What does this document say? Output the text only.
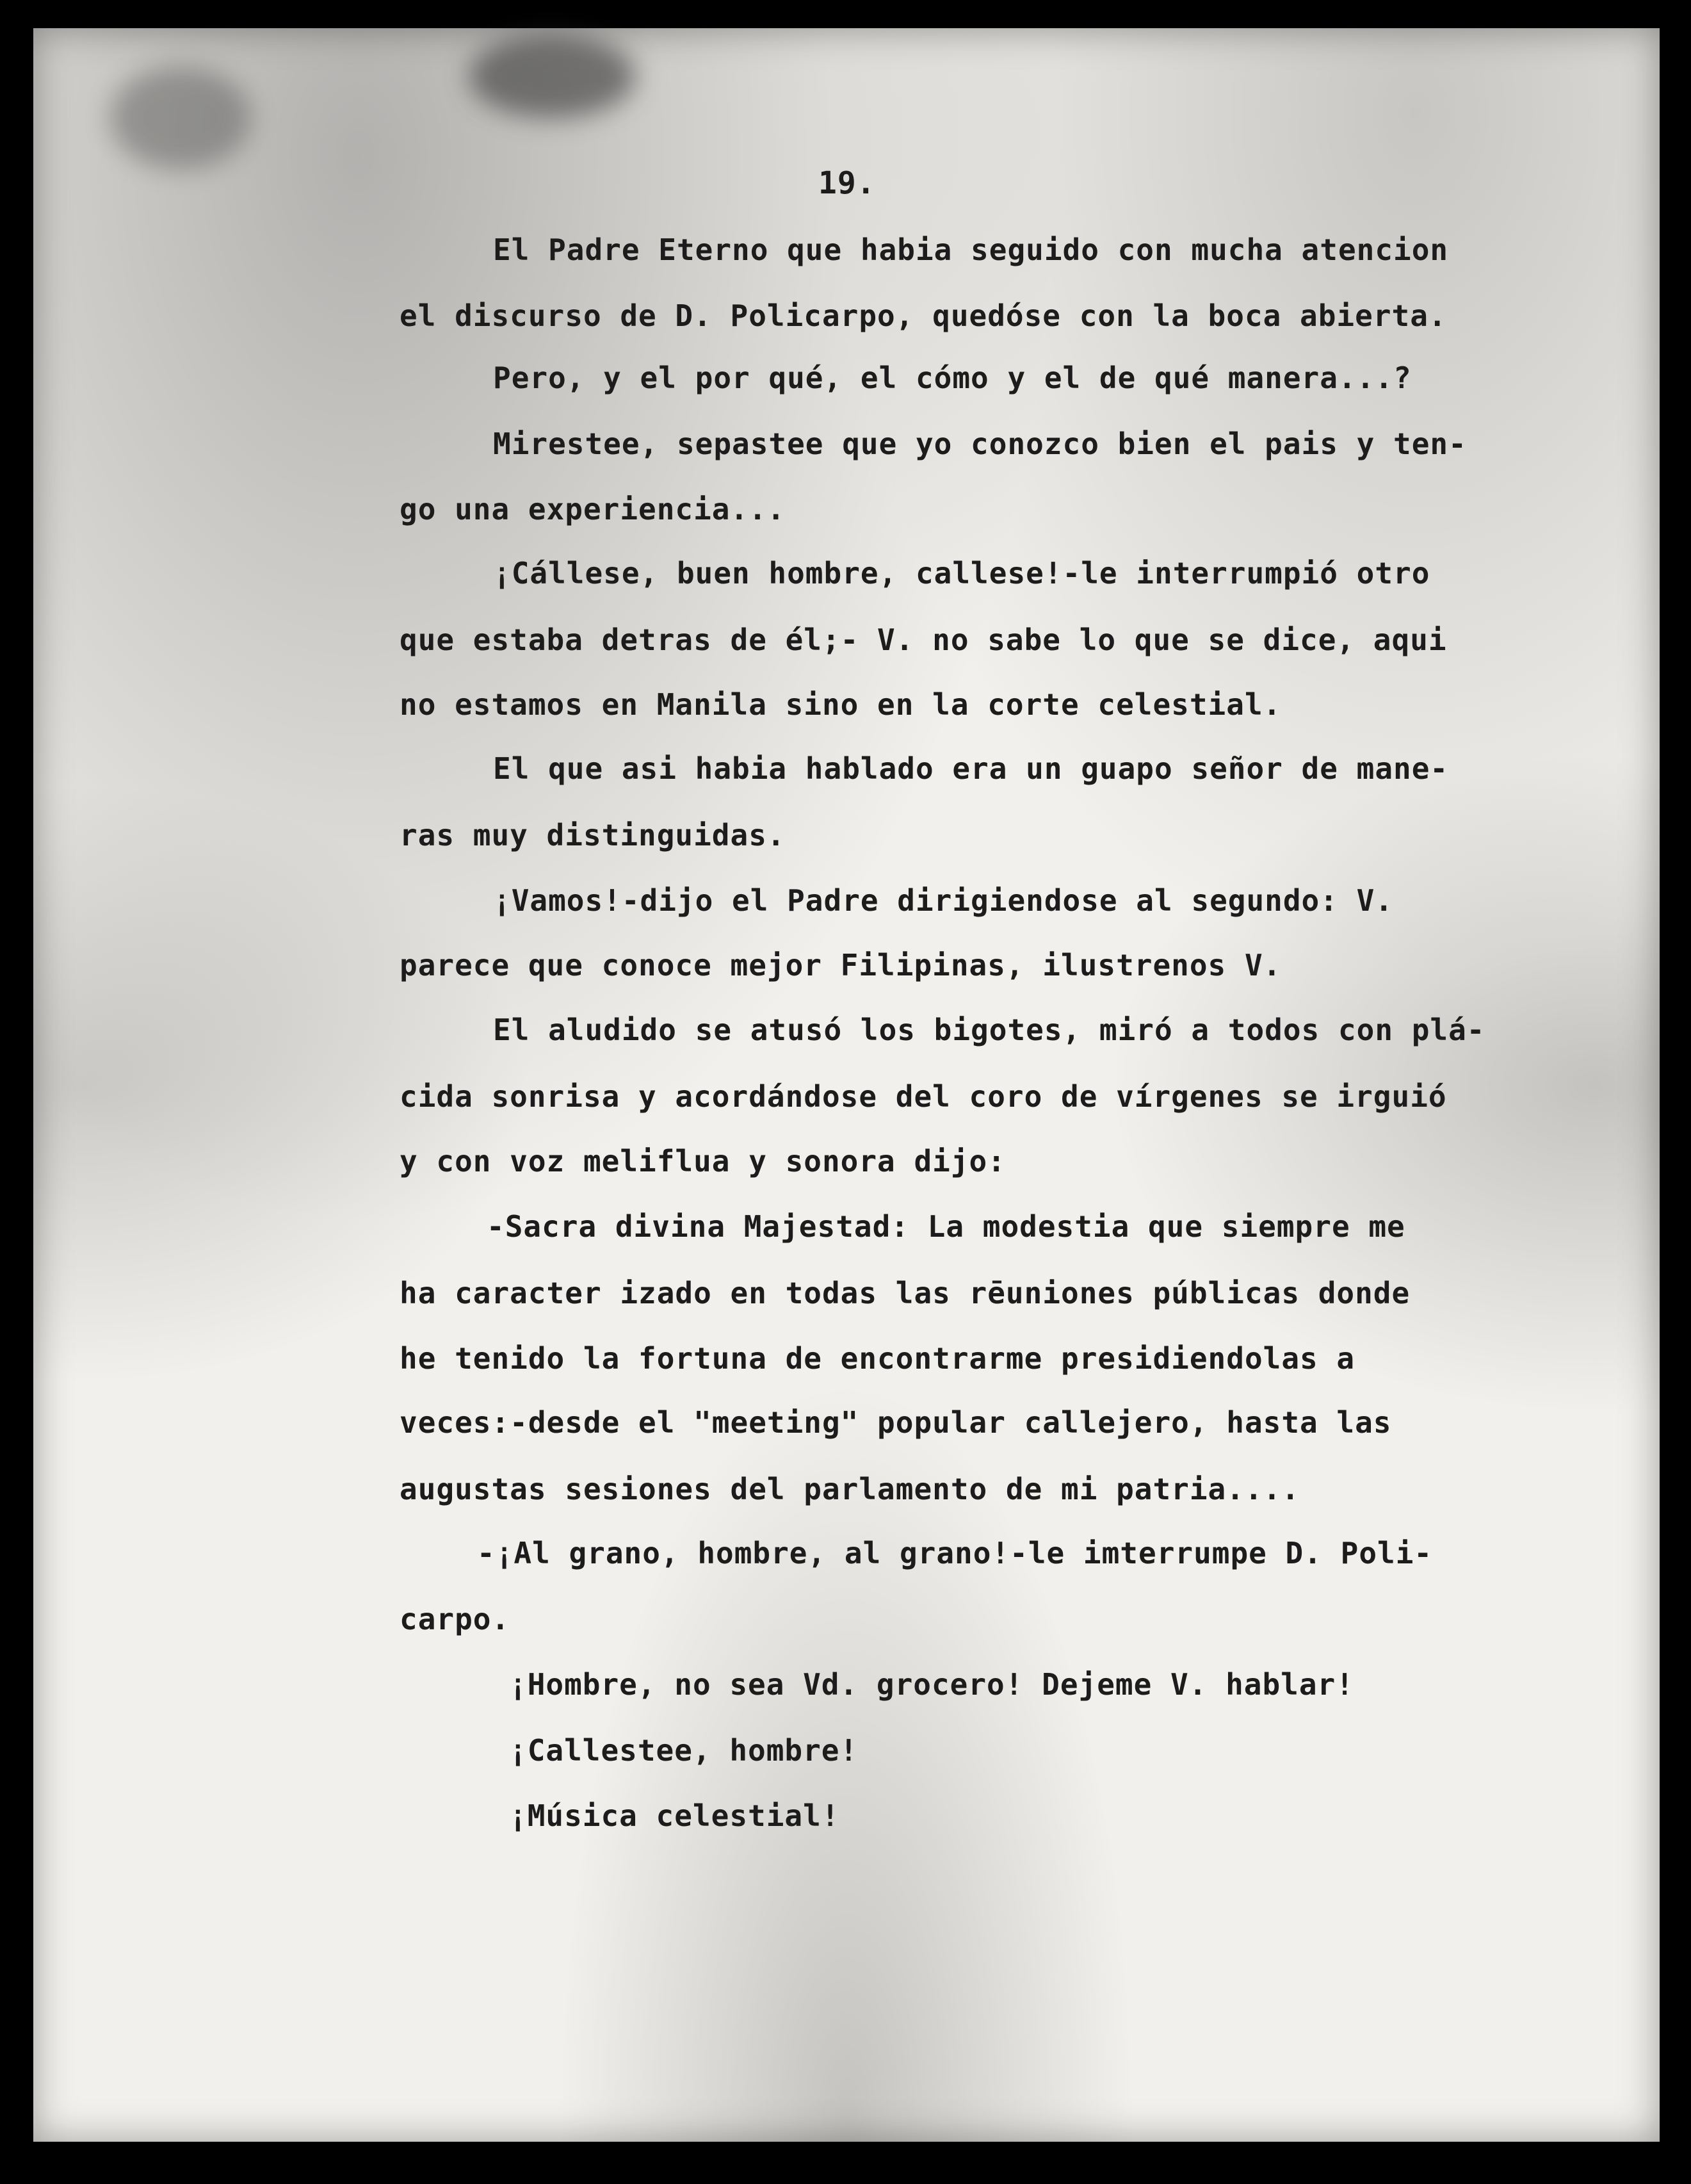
19.
El Padre Eterno que habia seguido con mucha atencion
el discurso de D. Policarpo, quedóse con la boca abierta.
Pero, y el por qué, el cómo y el de qué manera...?
Mirestee, sepastee que yo conozco bien el pais y ten-
go una experiencia...
¡Cállese, buen hombre, callese!-le interrumpió otro
que estaba detras de él;- V. no sabe lo que se dice, aqui
no estamos en Manila sino en la corte celestial.
El que asi habia hablado era un guapo señor de mane-
ras muy distinguidas.
¡Vamos!-dijo el Padre dirigiendose al segundo: V.
parece que conoce mejor Filipinas, ilustrenos V.
El aludido se atusó los bigotes, miró a todos con plá-
cida sonrisa y acordándose del coro de vírgenes se irguió
y con voz meliflua y sonora dijo:
-Sacra divina Majestad: La modestia que siempre me
ha caracter izado en todas las rēuniones públicas donde
he tenido la fortuna de encontrarme presidiendolas a
veces:-desde el "meeting" popular callejero, hasta las
augustas sesiones del parlamento de mi patria....
-¡Al grano, hombre, al grano!-le imterrumpe D. Poli-
carpo.
¡Hombre, no sea Vd. grocero! Dejeme V. hablar!
¡Callestee, hombre!
¡Música celestial!
